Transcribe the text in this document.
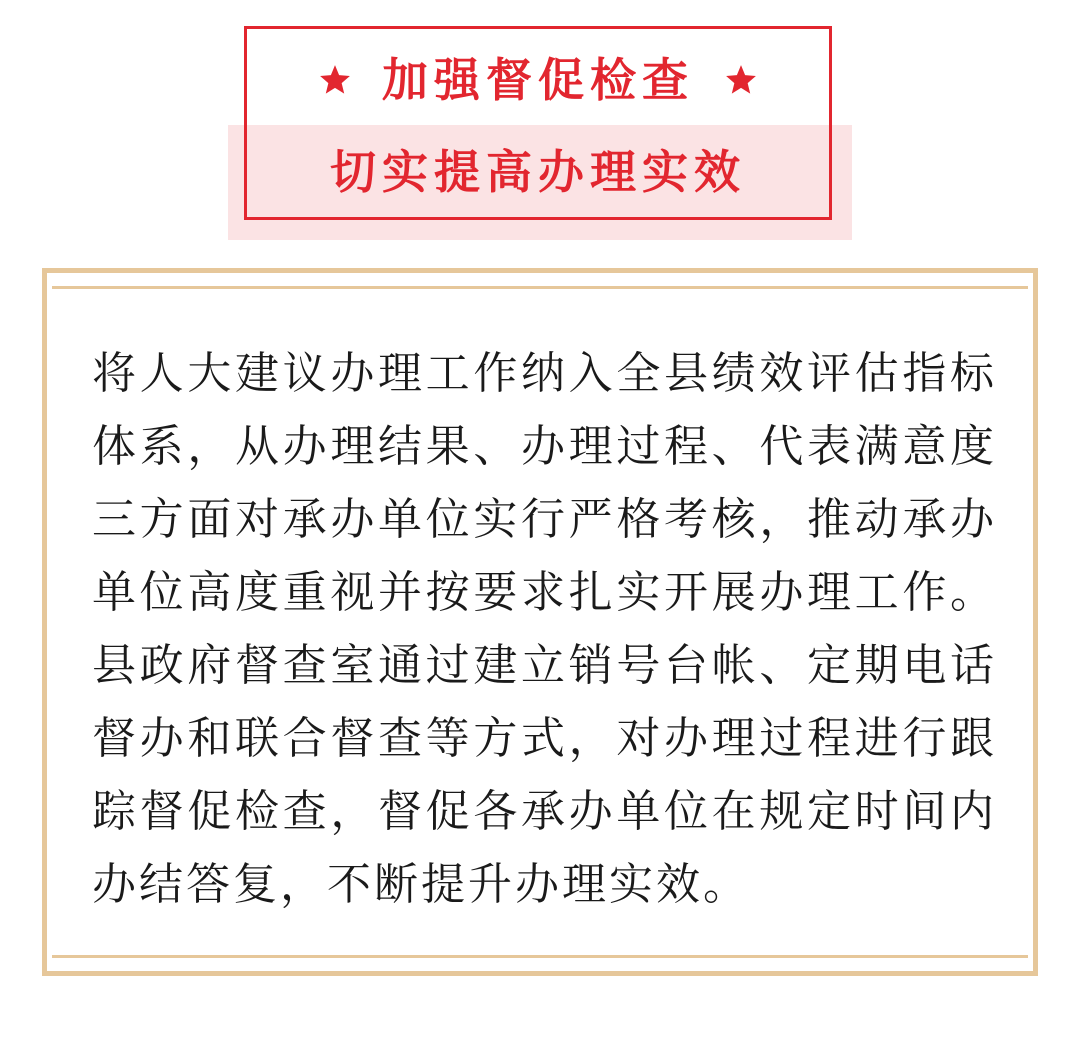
加强督促检查
切实提高办理实效

将人大建议办理工作纳入全县绩效评估指标体系，从办理结果、办理过程、代表满意度三方面对承办单位实行严格考核，推动承办单位高度重视并按要求扎实开展办理工作。县政府督查室通过建立销号台帐、定期电话督办和联合督查等方式，对办理过程进行跟踪督促检查，督促各承办单位在规定时间内办结答复，不断提升办理实效。
